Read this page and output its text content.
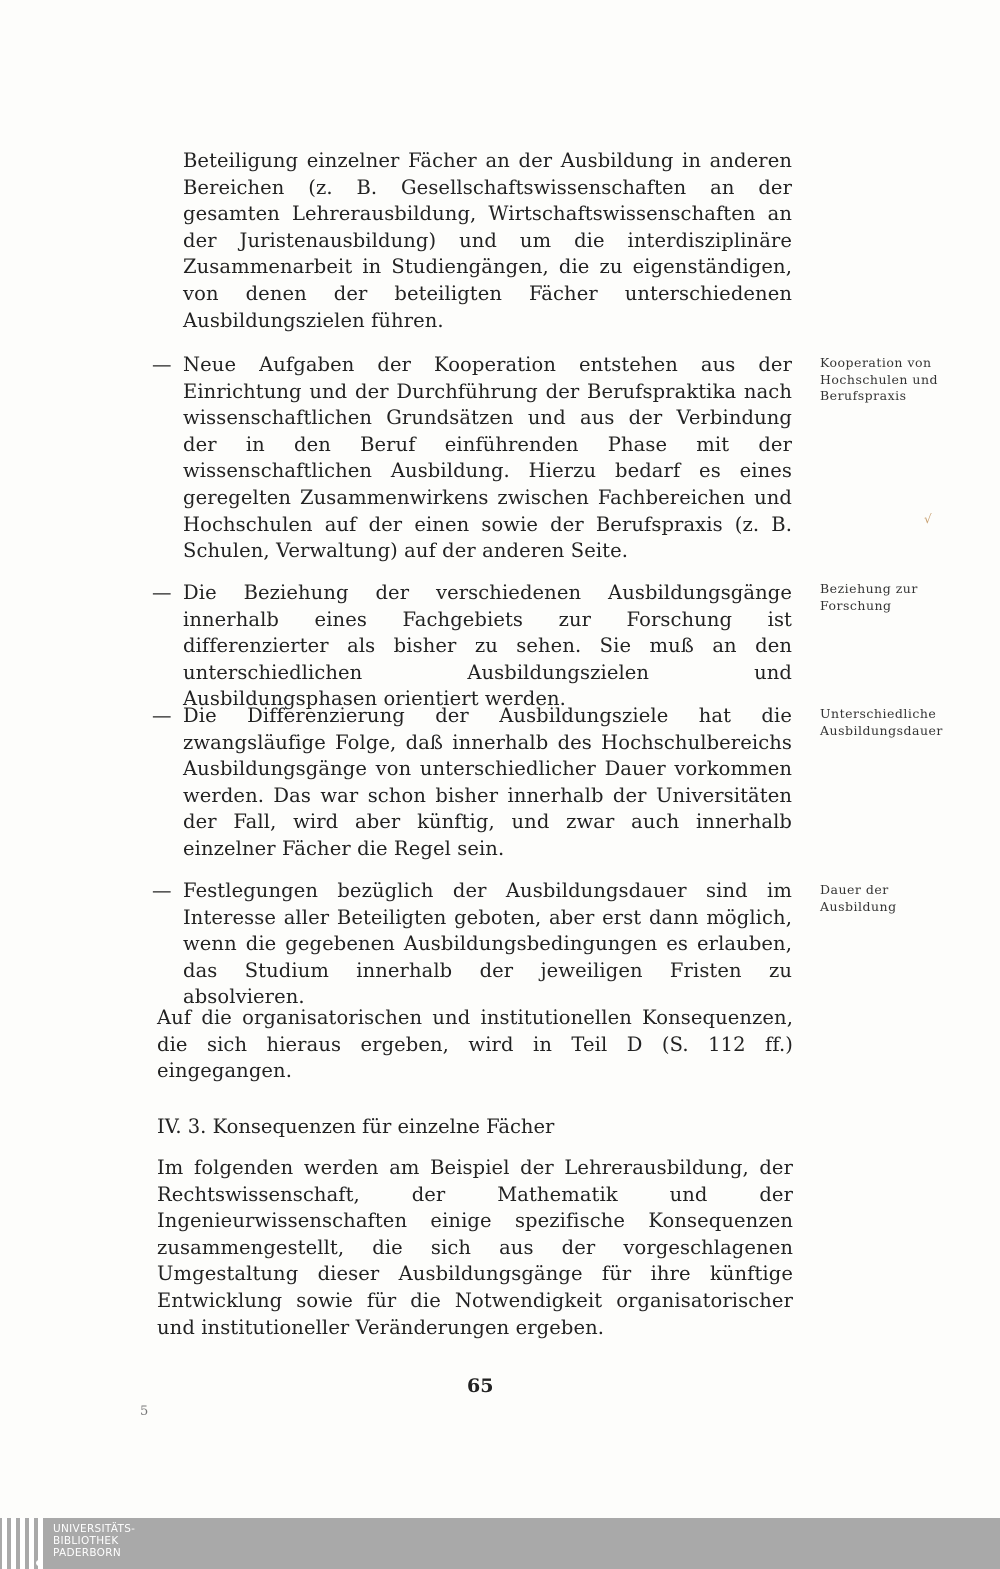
Beteiligung einzelner Fächer an der Ausbildung in anderen Bereichen (z. B. Gesellschaftswissenschaften an der gesamten Lehrerausbildung, Wirtschaftswissenschaften an der Juristenausbildung) und um die interdisziplinäre Zusammenarbeit in Studiengängen, die zu eigenständigen, von denen der beteiligten Fächer unterschiedenen Ausbildungszielen führen.

— Neue Aufgaben der Kooperation entstehen aus der Einrichtung und der Durchführung der Berufspraktika nach wissenschaftlichen Grundsätzen und aus der Verbindung der in den Beruf einführenden Phase mit der wissenschaftlichen Ausbildung. Hierzu bedarf es eines geregelten Zusammenwirkens zwischen Fachbereichen und Hochschulen auf der einen sowie der Berufspraxis (z. B. Schulen, Verwaltung) auf der anderen Seite.

Kooperation von Hochschulen und Berufspraxis
— Die Beziehung der verschiedenen Ausbildungsgänge innerhalb eines Fachgebiets zur Forschung ist differenzierter als bisher zu sehen. Sie muß an den unterschiedlichen Ausbildungszielen und Ausbildungsphasen orientiert werden.

Beziehung zur Forschung
— Die Differenzierung der Ausbildungsziele hat die zwangsläufige Folge, daß innerhalb des Hochschulbereichs Ausbildungsgänge von unterschiedlicher Dauer vorkommen werden. Das war schon bisher innerhalb der Universitäten der Fall, wird aber künftig, und zwar auch innerhalb einzelner Fächer die Regel sein.

Unterschiedliche Ausbildungsdauer
— Festlegungen bezüglich der Ausbildungsdauer sind im Interesse aller Beteiligten geboten, aber erst dann möglich, wenn die gegebenen Ausbildungsbedingungen es erlauben, das Studium innerhalb der jeweiligen Fristen zu absolvieren.

Dauer der Ausbildung

Auf die organisatorischen und institutionellen Konsequenzen, die sich hieraus ergeben, wird in Teil D (S. 112 ff.) eingegangen.

IV. 3. Konsequenzen für einzelne Fächer

Im folgenden werden am Beispiel der Lehrerausbildung, der Rechtswissenschaft, der Mathematik und der Ingenieurwissenschaften einige spezifische Konsequenzen zusammengestellt, die sich aus der vorgeschlagenen Umgestaltung dieser Ausbildungsgänge für ihre künftige Entwicklung sowie für die Notwendigkeit organisatorischer und institutioneller Veränderungen ergeben.

65
5
√
UNIVERSITÄTS-
BIBLIOTHEK
PADERBORN
